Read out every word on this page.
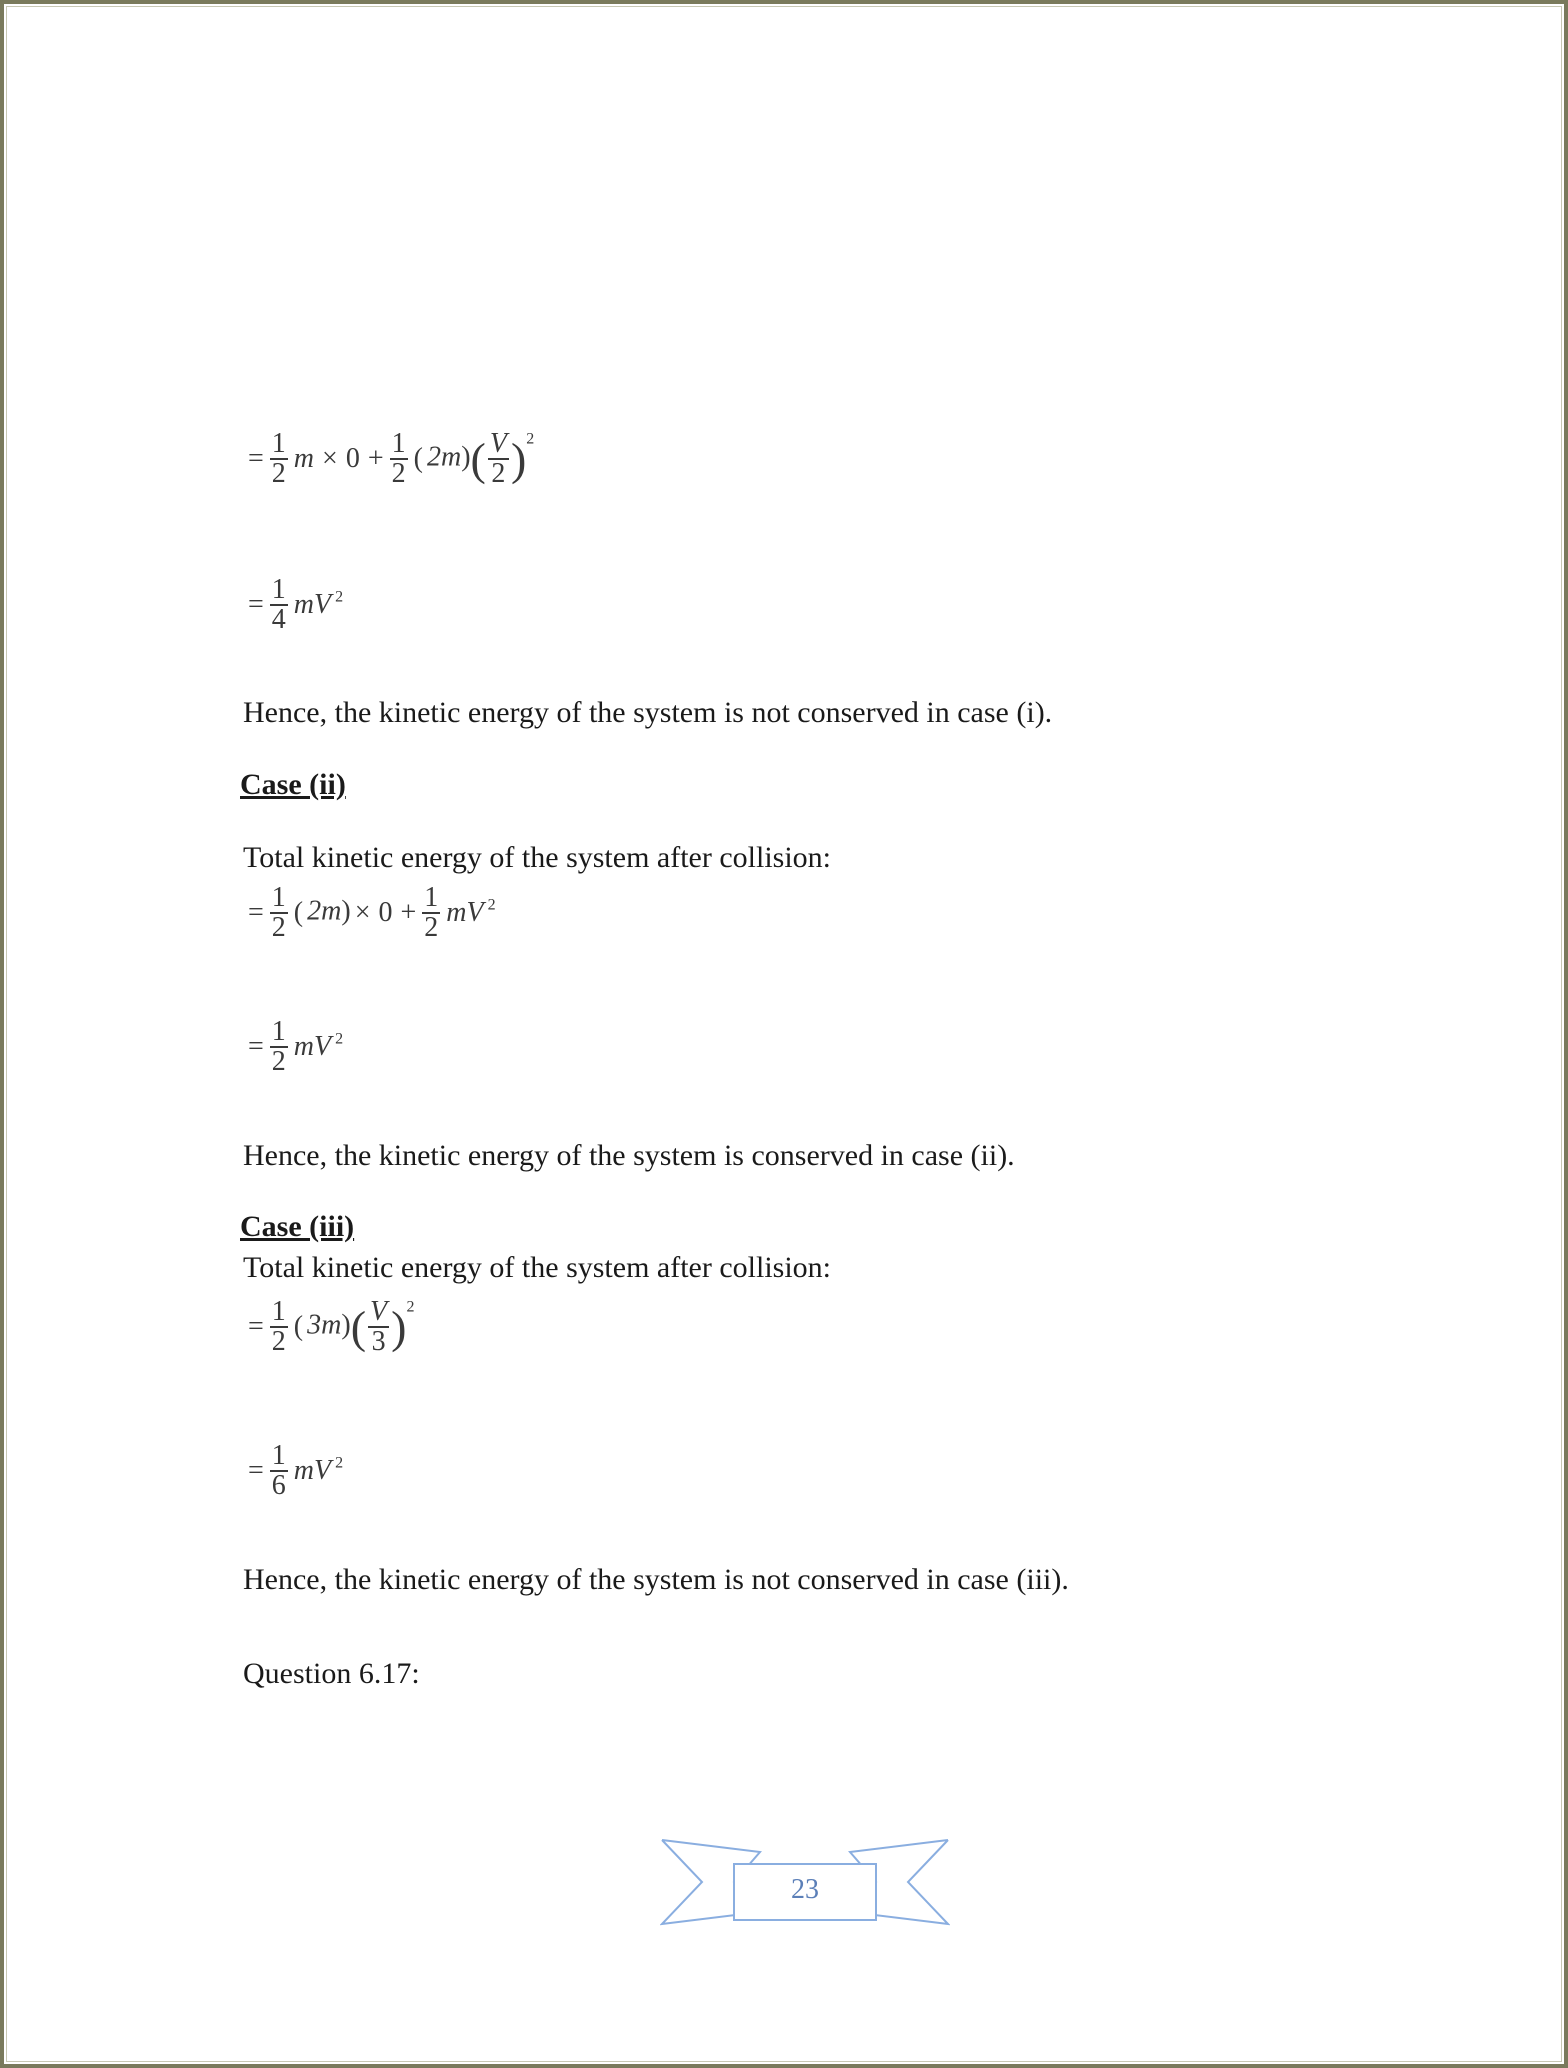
= $\frac{1}{2}$ $m \times 0 + \frac{1}{2}$ ( $2m)( \frac{V}{2} )^2$
= $\frac{1}{4}$ mV $^2$
Hence, the kinetic energy of the system is not conserved in case (i).
Case (ii)
Total kinetic energy of the system after collision:
= $\frac{1}{2}$ ( $2m) \times 0 + \frac{1}{2}$ mV $^2$
= $\frac{1}{2}$ mV $^2$
Hence, the kinetic energy of the system is conserved in case (ii).
Case (iii)
Total kinetic energy of the system after collision:
= $\frac{1}{2}$ ( $3m)( \frac{V}{3} )^2$
= $\frac{1}{6}$ mV $^2$
Hence, the kinetic energy of the system is not conserved in case (iii).
Question 6.17:
23
